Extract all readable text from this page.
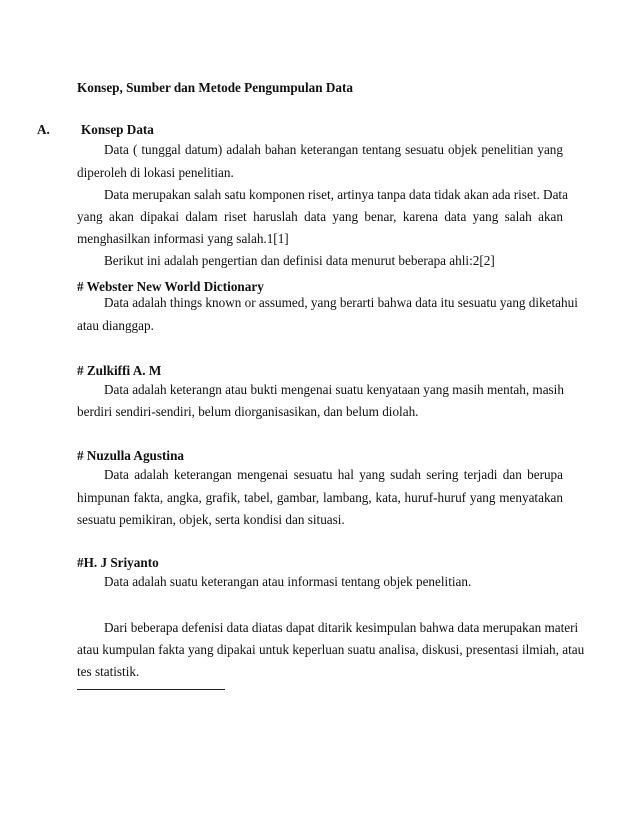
Konsep, Sumber dan Metode Pengumpulan Data
A. Konsep Data
Data ( tunggal datum) adalah bahan keterangan tentang sesuatu objek penelitian yang
diperoleh di lokasi penelitian.
Data merupakan salah satu komponen riset, artinya tanpa data tidak akan ada riset. Data
yang akan dipakai dalam riset haruslah data yang benar, karena data yang salah akan
menghasilkan informasi yang salah.1[1]
Berikut ini adalah pengertian dan definisi data menurut beberapa ahli:2[2]
# Webster New World Dictionary
Data adalah things known or assumed, yang berarti bahwa data itu sesuatu yang diketahui
atau dianggap.
# Zulkiffi A. M
Data adalah keterangn atau bukti mengenai suatu kenyataan yang masih mentah, masih
berdiri sendiri-sendiri, belum diorganisasikan, dan belum diolah.
# Nuzulla Agustina
Data adalah keterangan mengenai sesuatu hal yang sudah sering terjadi dan berupa
himpunan fakta, angka, grafik, tabel, gambar, lambang, kata, huruf-huruf yang menyatakan
sesuatu pemikiran, objek, serta kondisi dan situasi.
#H. J Sriyanto
Data adalah suatu keterangan atau informasi tentang objek penelitian.
Dari beberapa defenisi data diatas dapat ditarik kesimpulan bahwa data merupakan materi
atau kumpulan fakta yang dipakai untuk keperluan suatu analisa, diskusi, presentasi ilmiah, atau
tes statistik.
